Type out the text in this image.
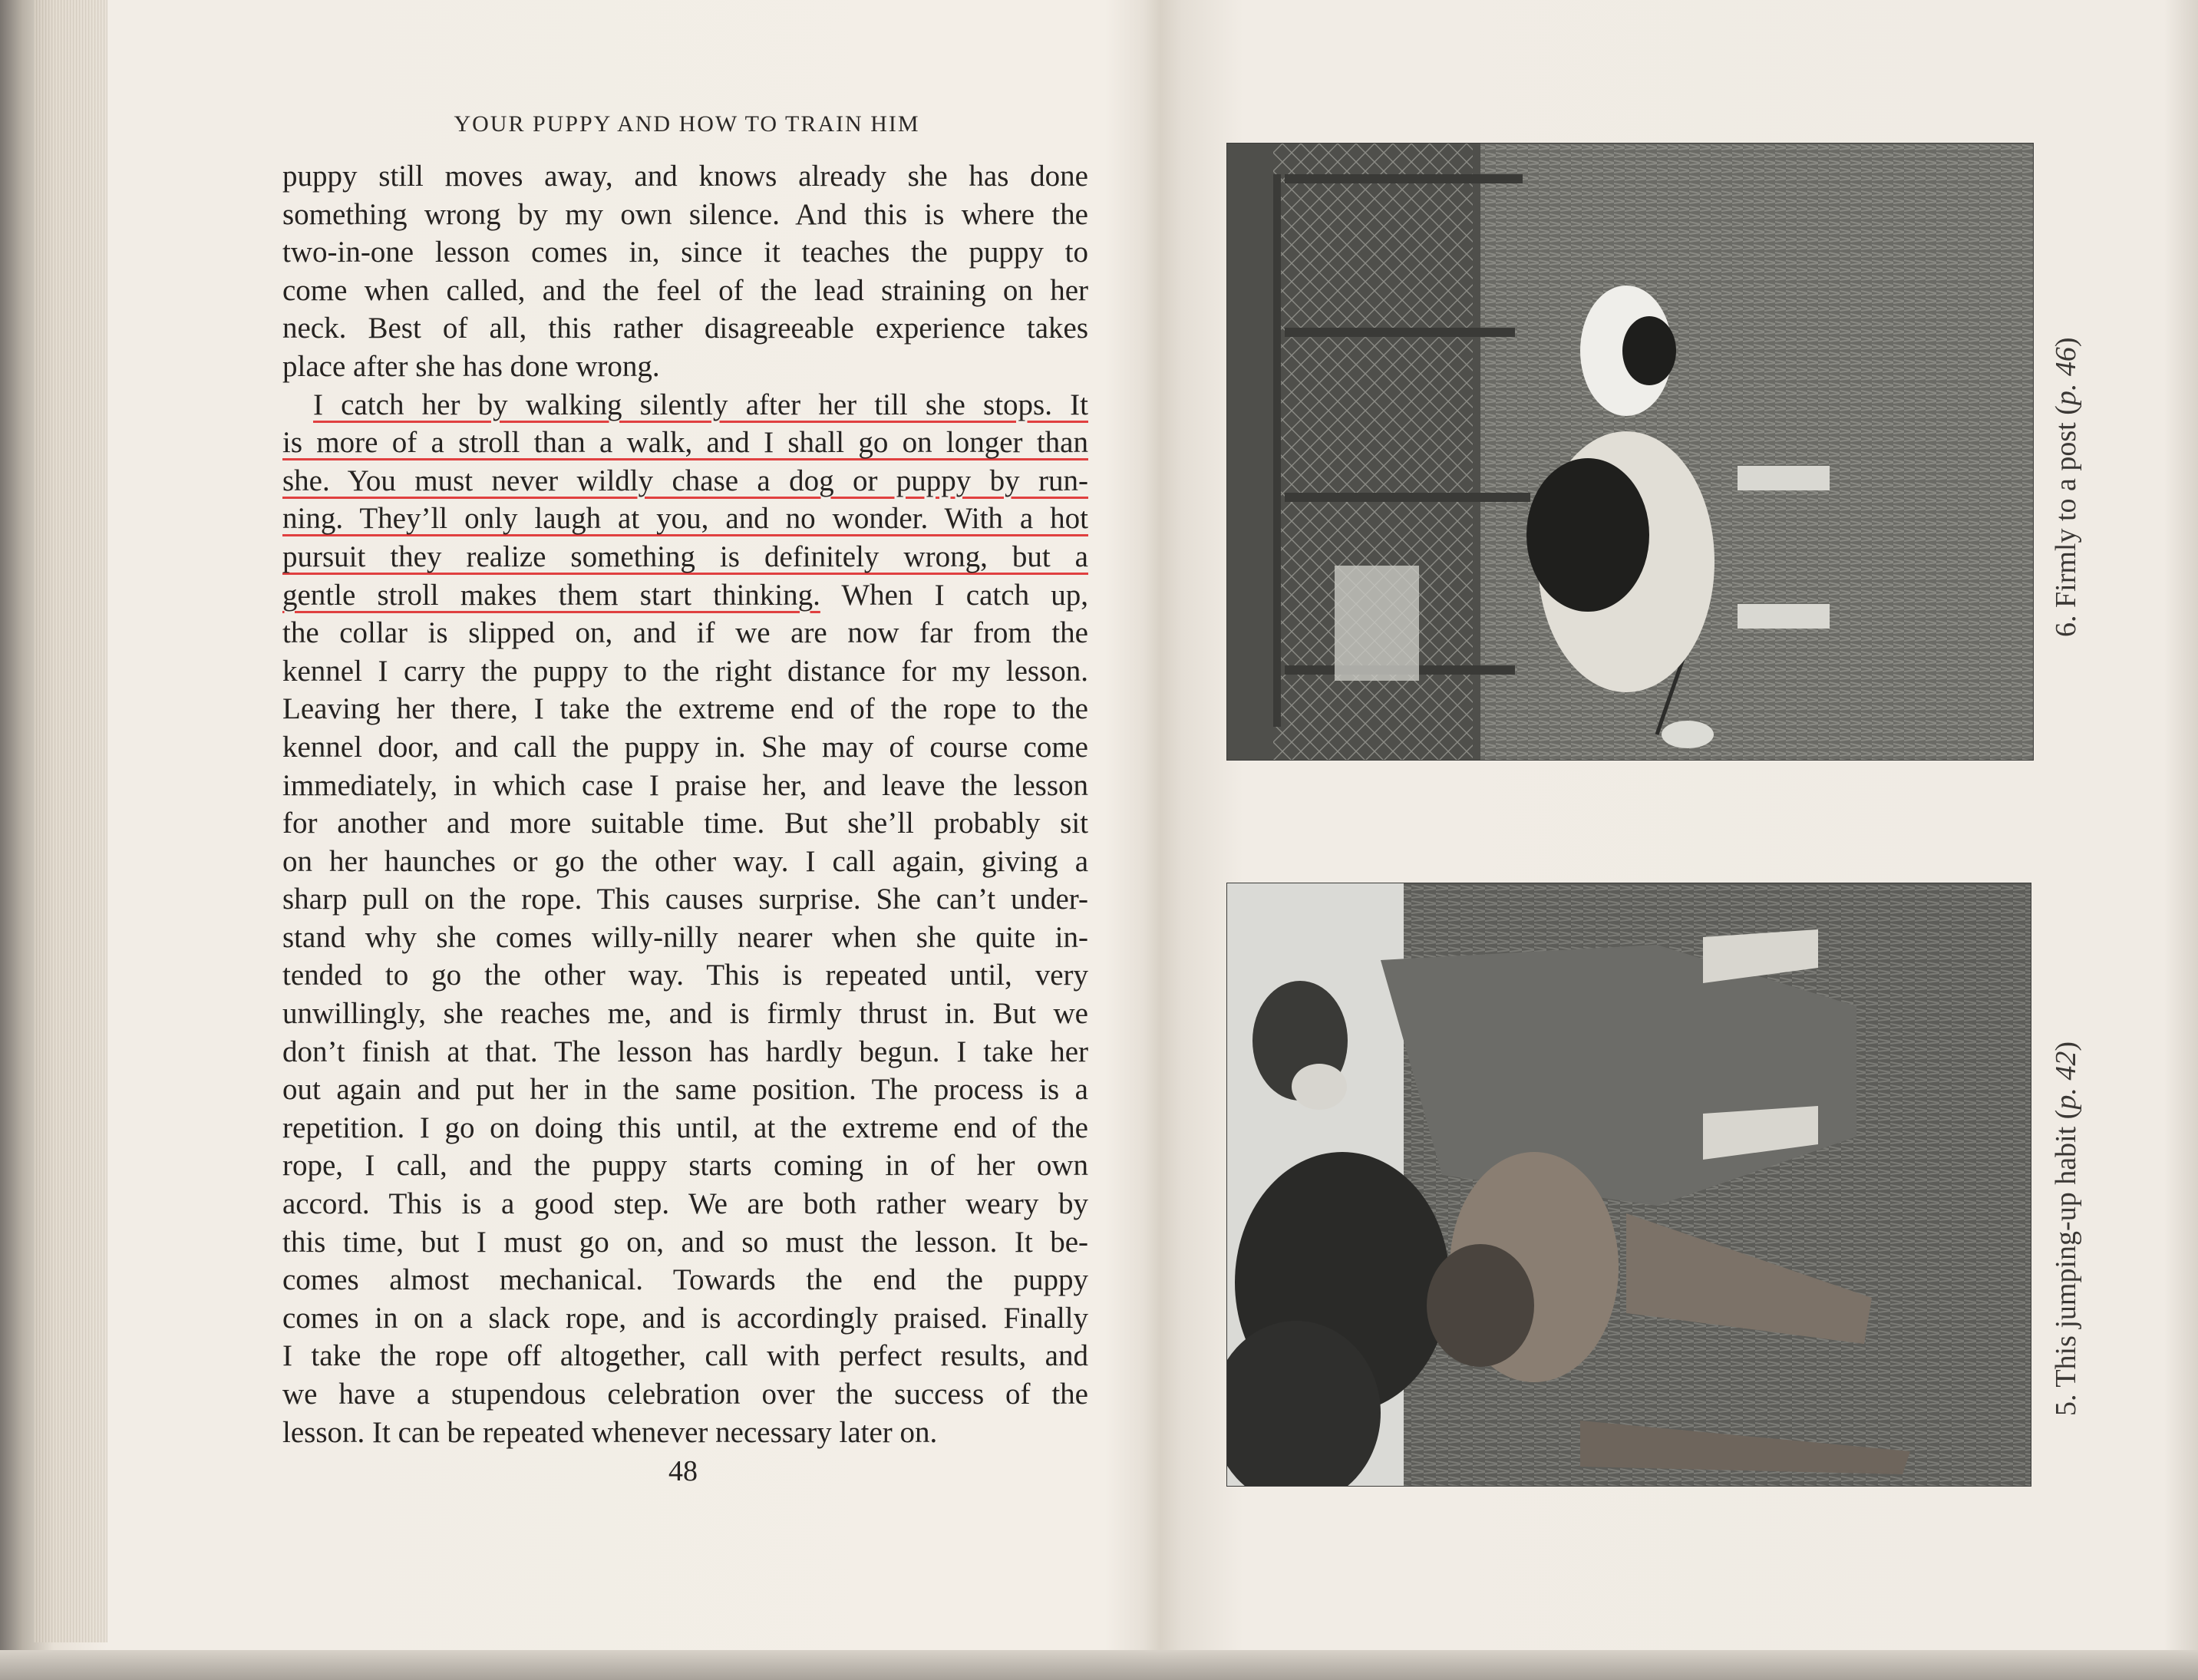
YOUR PUPPY AND HOW TO TRAIN HIM
puppy still moves away, and knows already she has done
something wrong by my own silence. And this is where the
two-in-one lesson comes in, since it teaches the puppy to
come when called, and the feel of the lead straining on her
neck. Best of all, this rather disagreeable experience takes
place after she has done wrong.
I catch her by walking silently after her till she stops. It
is more of a stroll than a walk, and I shall go on longer than
she. You must never wildly chase a dog or puppy by run-
ning. They’ll only laugh at you, and no wonder. With a hot
pursuit they realize something is definitely wrong, but a
gentle stroll makes them start thinking. When I catch up,
the collar is slipped on, and if we are now far from the
kennel I carry the puppy to the right distance for my lesson.
Leaving her there, I take the extreme end of the rope to the
kennel door, and call the puppy in. She may of course come
immediately, in which case I praise her, and leave the lesson
for another and more suitable time. But she’ll probably sit
on her haunches or go the other way. I call again, giving a
sharp pull on the rope. This causes surprise. She can’t under-
stand why she comes willy-nilly nearer when she quite in-
tended to go the other way. This is repeated until, very
unwillingly, she reaches me, and is firmly thrust in. But we
don’t finish at that. The lesson has hardly begun. I take her
out again and put her in the same position. The process is a
repetition. I go on doing this until, at the extreme end of the
rope, I call, and the puppy starts coming in of her own
accord. This is a good step. We are both rather weary by
this time, but I must go on, and so must the lesson. It be-
comes almost mechanical. Towards the end the puppy
comes in on a slack rope, and is accordingly praised. Finally
I take the rope off altogether, call with perfect results, and
we have a stupendous celebration over the success of the
lesson. It can be repeated whenever necessary later on.
48
6. Firmly to a post (p. 46)
5. This jumping-up habit (p. 42)
